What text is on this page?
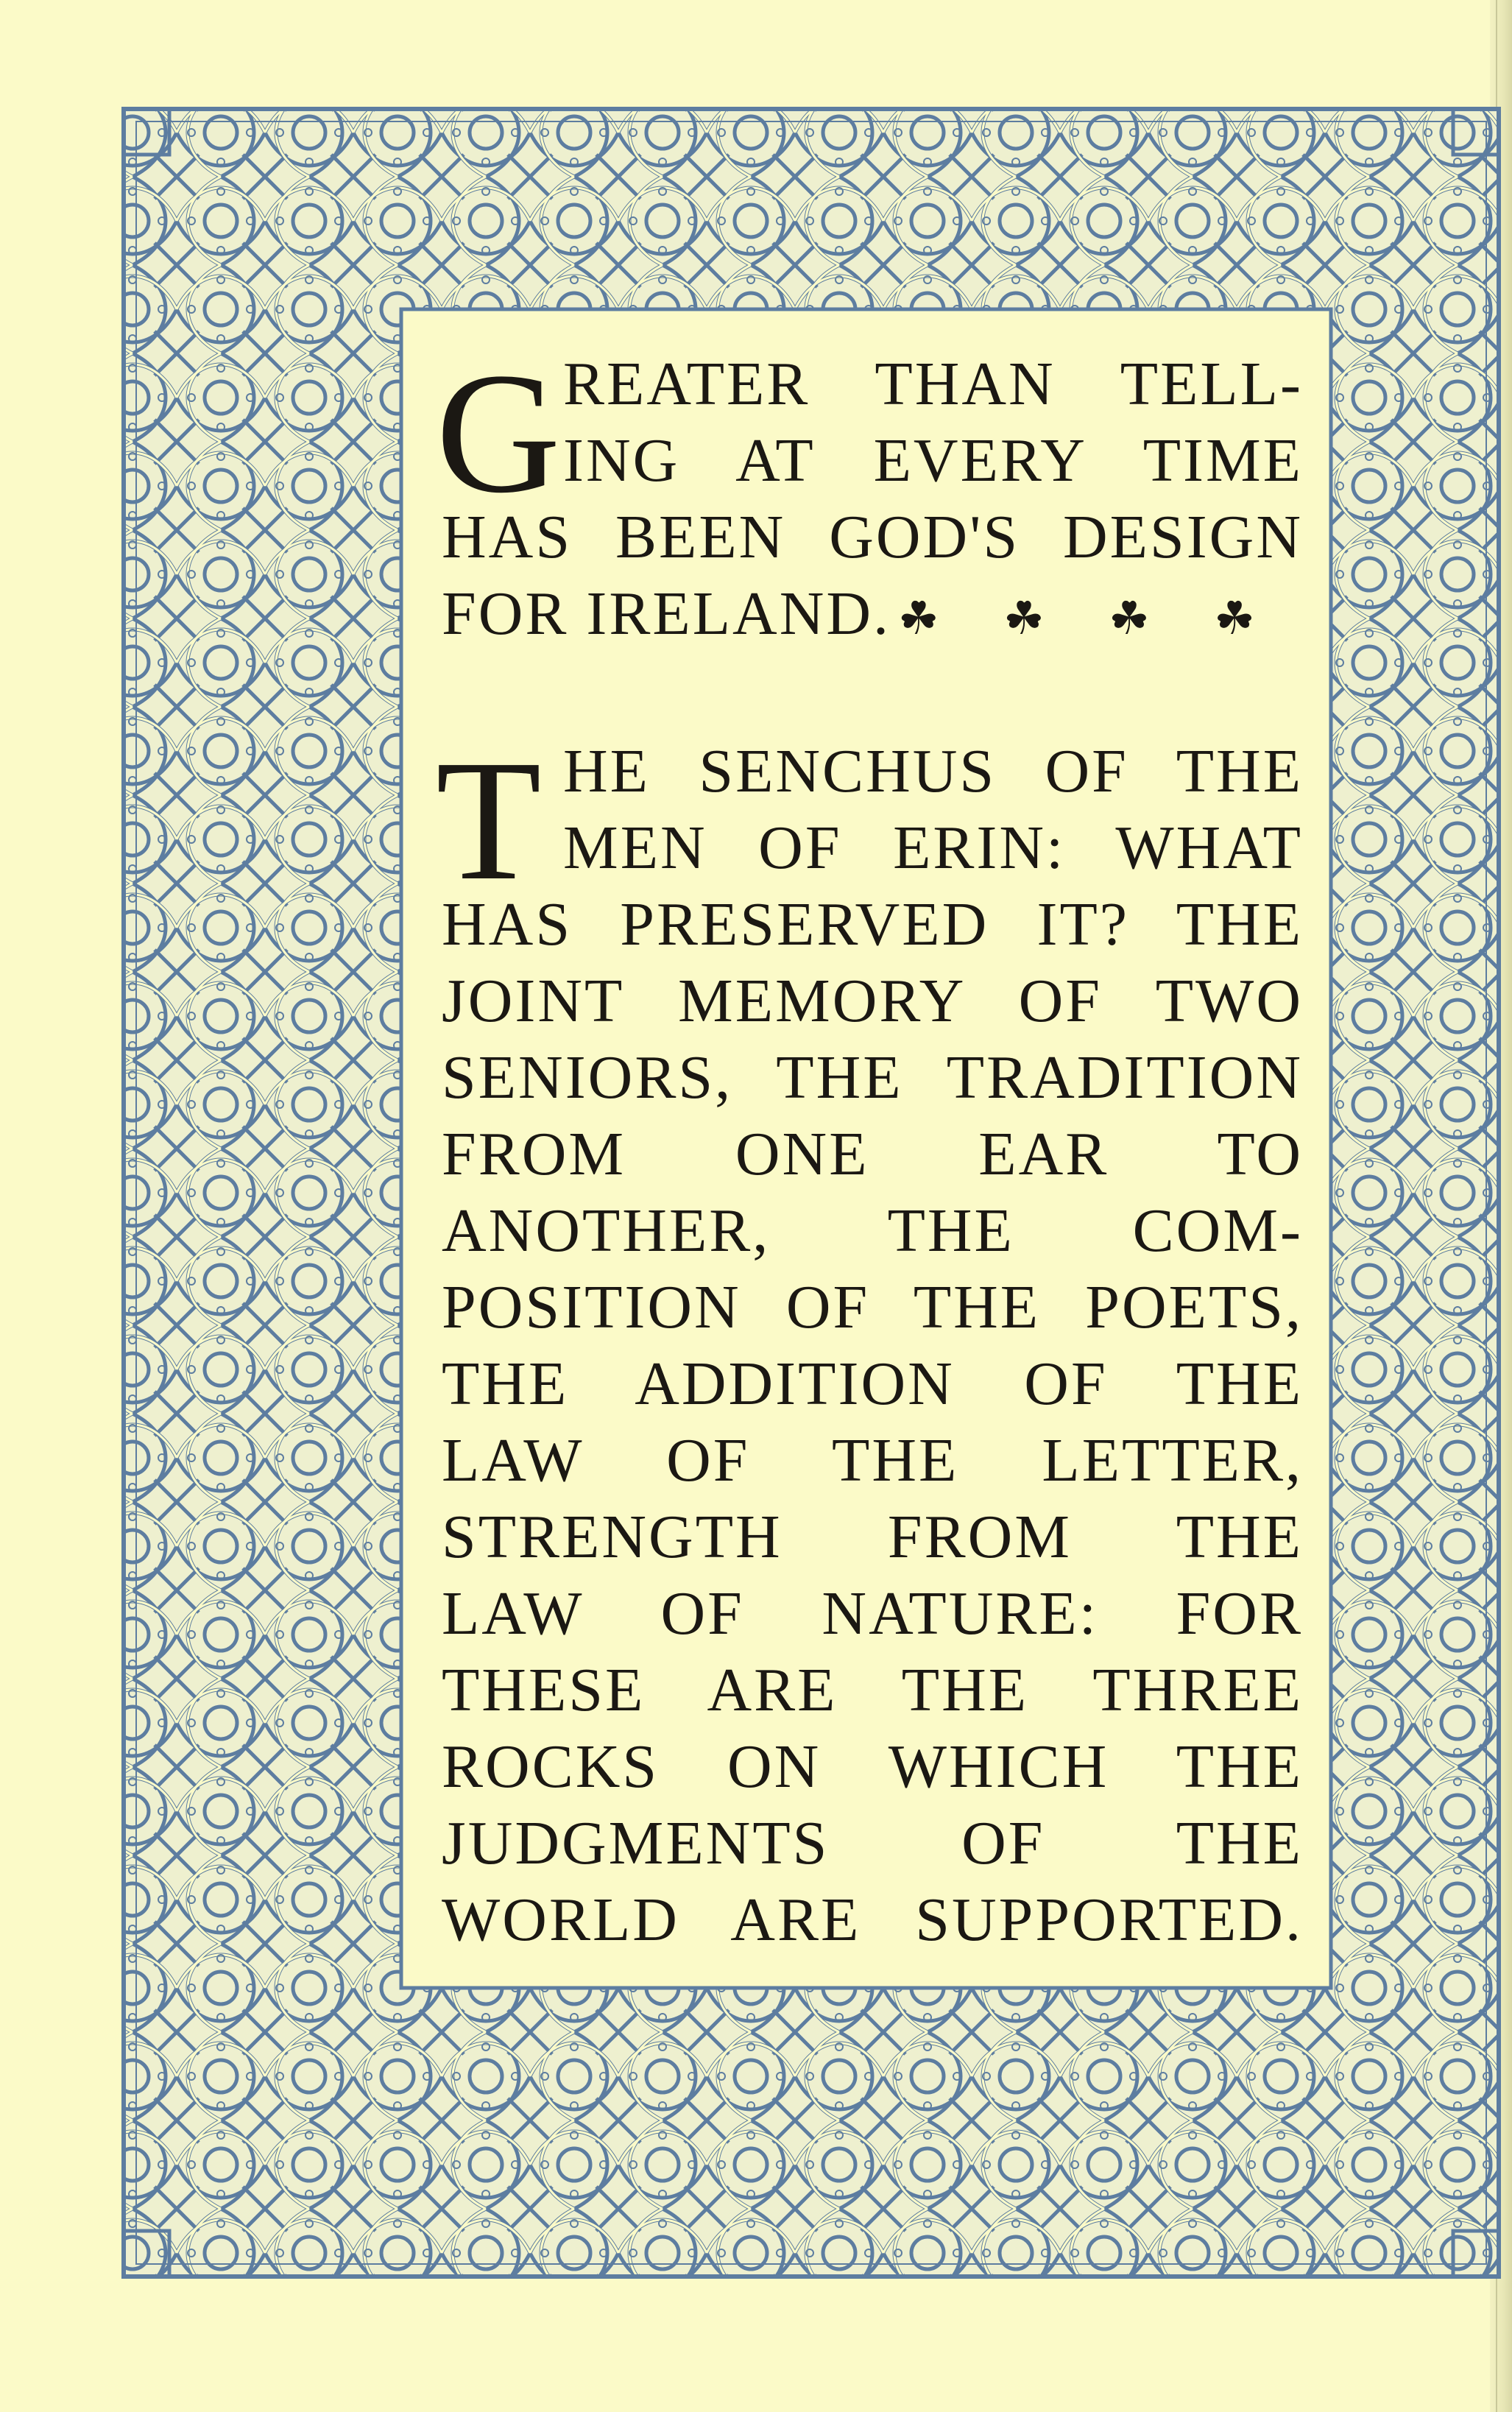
G REATER THAN TELL-
ING AT EVERY TIME
HAS BEEN GOD'S DESIGN
FOR IRELAND. ☘ ☘ ☘ ☘
T HE SENCHUS OF THE
MEN OF ERIN: WHAT
HAS PRESERVED IT? THE
JOINT MEMORY OF TWO
SENIORS, THE TRADITION
FROM ONE EAR TO
ANOTHER, THE COM-
POSITION OF THE POETS,
THE ADDITION OF THE
LAW OF THE LETTER,
STRENGTH FROM THE
LAW OF NATURE: FOR
THESE ARE THE THREE
ROCKS ON WHICH THE
JUDGMENTS OF THE
WORLD ARE SUPPORTED.
